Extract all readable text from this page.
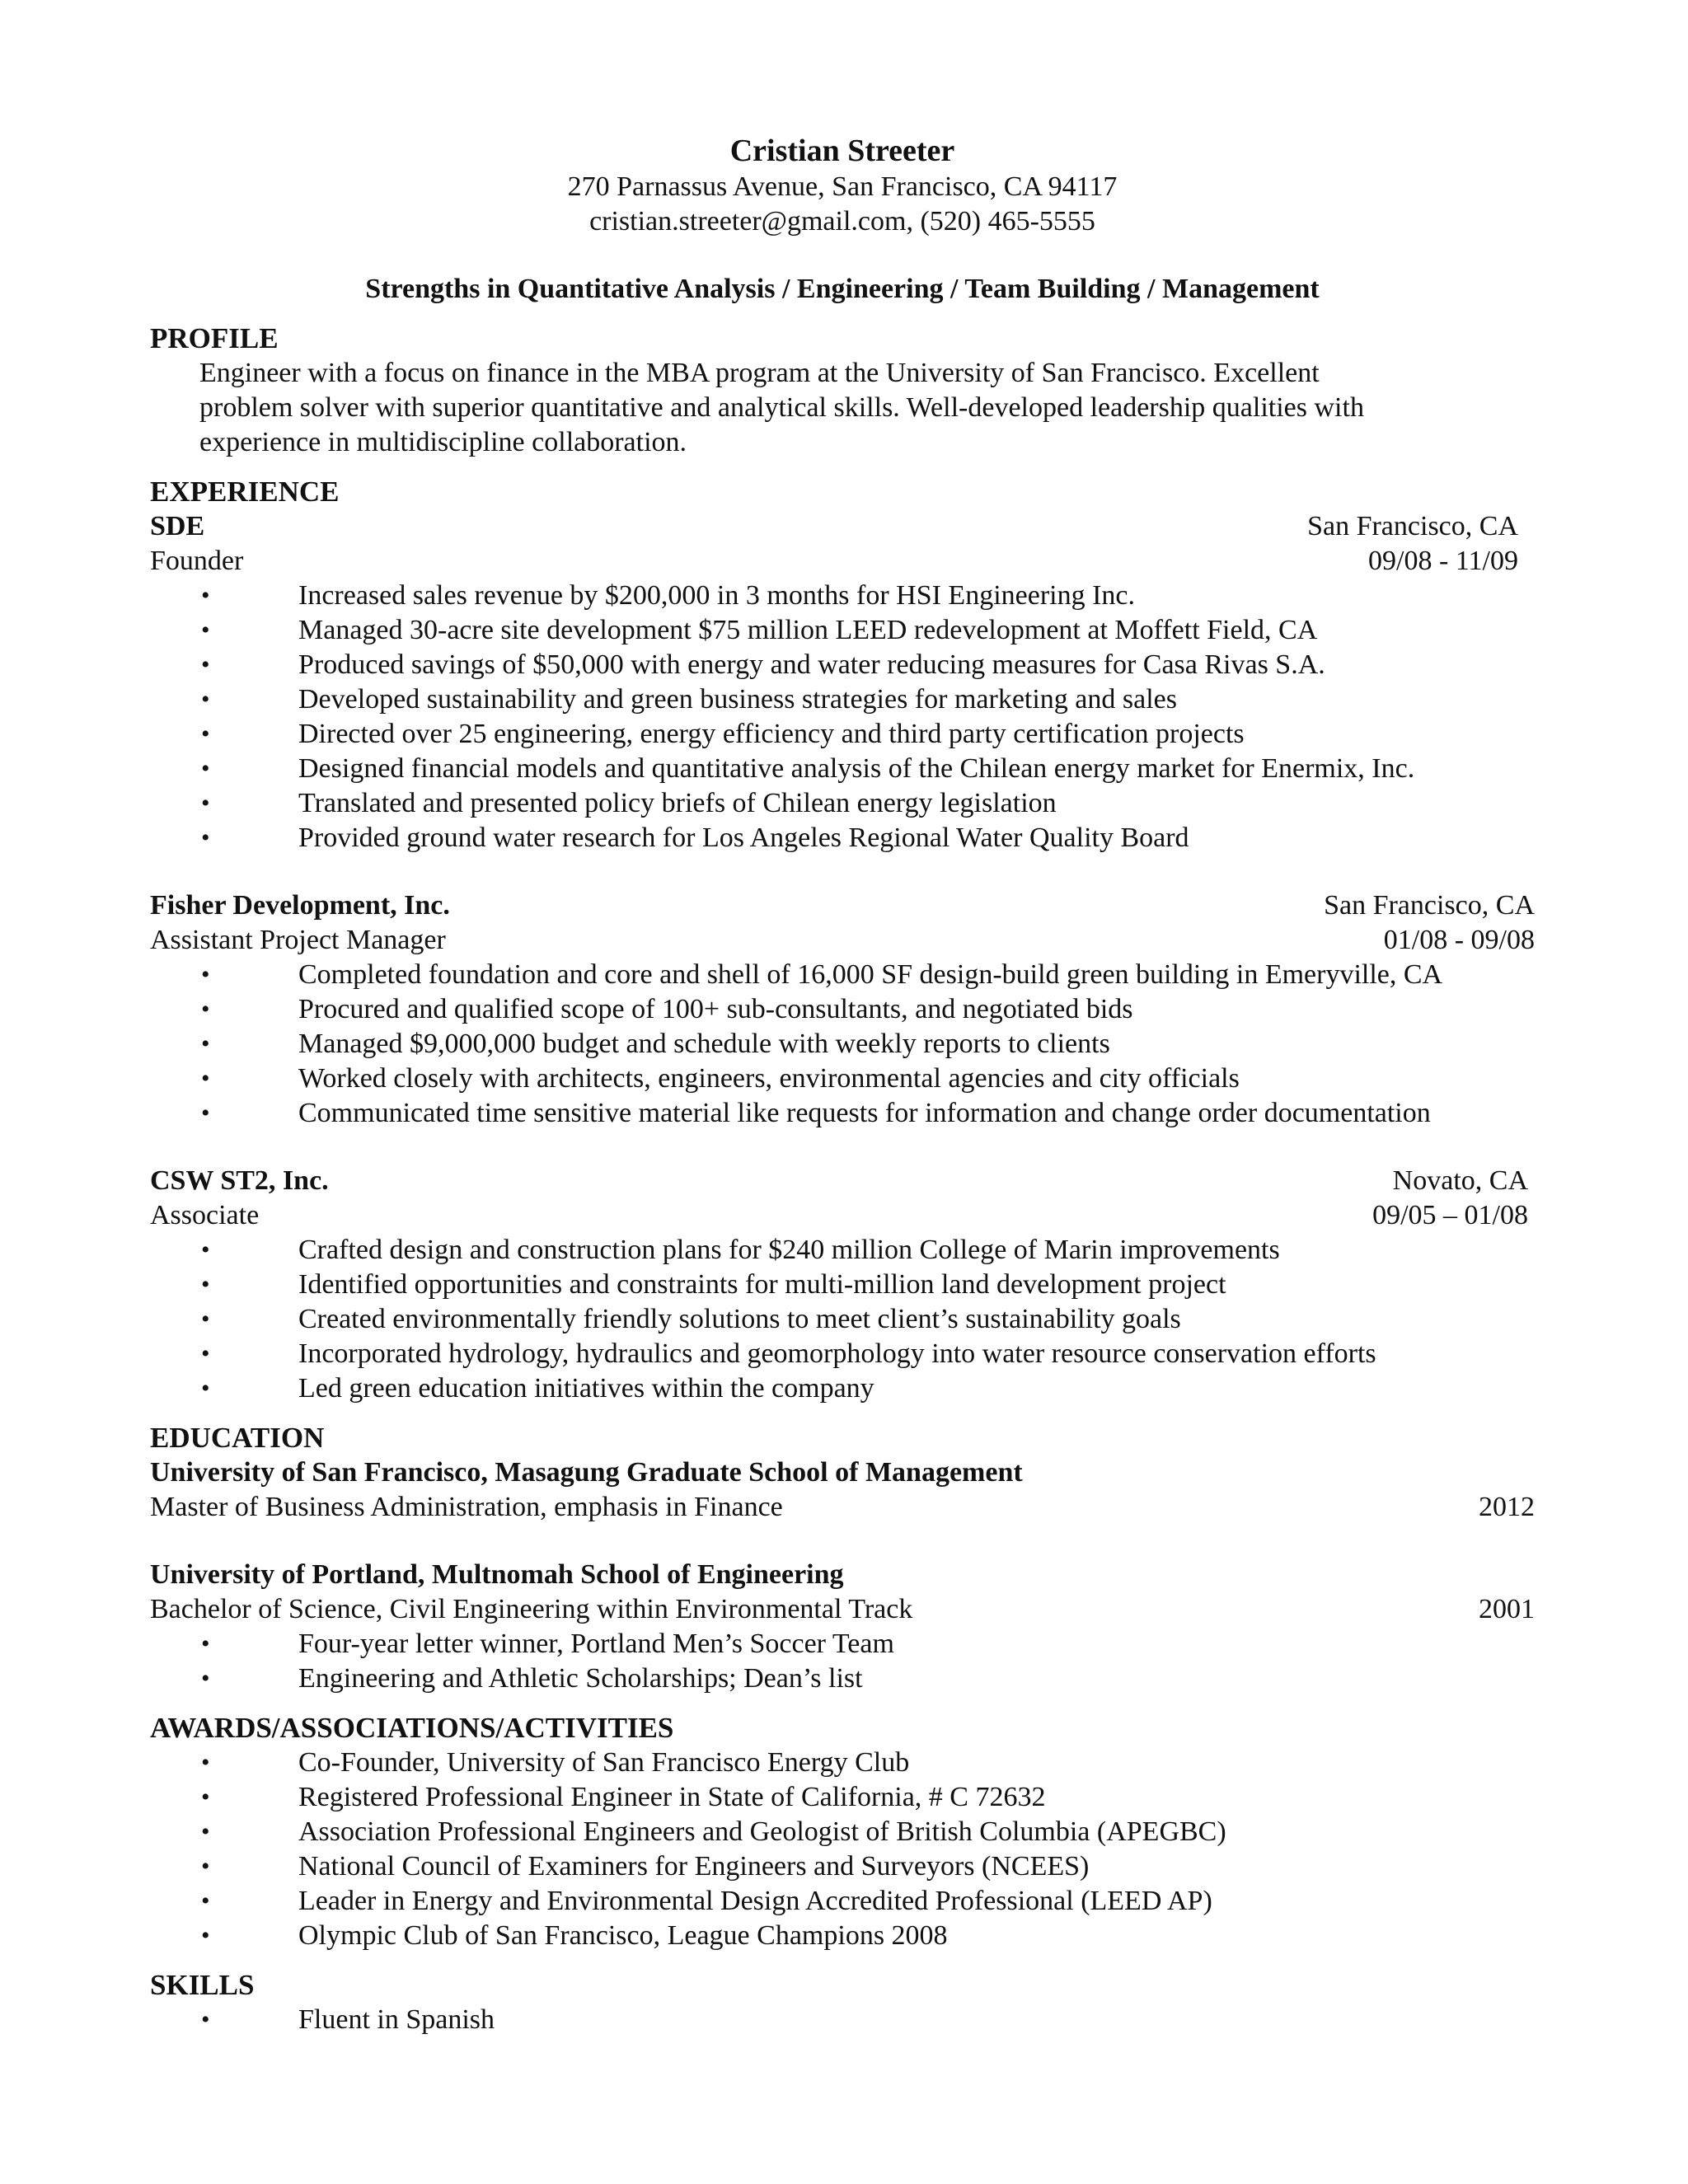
Cristian Streeter
270 Parnassus Avenue, San Francisco, CA 94117
cristian.streeter@gmail.com, (520) 465-5555
Strengths in Quantitative Analysis / Engineering / Team Building / Management
PROFILE
Engineer with a focus on finance in the MBA program at the University of San Francisco. Excellent
problem solver with superior quantitative and analytical skills. Well-developed leadership qualities with
experience in multidiscipline collaboration.
EXPERIENCE
SDE	San Francisco, CA
Founder	09/08 - 11/09
•	Increased sales revenue by $200,000 in 3 months for HSI Engineering Inc.
•	Managed 30-acre site development $75 million LEED redevelopment at Moffett Field, CA
•	Produced savings of $50,000 with energy and water reducing measures for Casa Rivas S.A.
•	Developed sustainability and green business strategies for marketing and sales
•	Directed over 25 engineering, energy efficiency and third party certification projects
•	Designed financial models and quantitative analysis of the Chilean energy market for Enermix, Inc.
•	Translated and presented policy briefs of Chilean energy legislation
•	Provided ground water research for Los Angeles Regional Water Quality Board
Fisher Development, Inc.	San Francisco, CA
Assistant Project Manager	01/08 - 09/08
•	Completed foundation and core and shell of 16,000 SF design-build green building in Emeryville, CA
•	Procured and qualified scope of 100+ sub-consultants, and negotiated bids
•	Managed $9,000,000 budget and schedule with weekly reports to clients
•	Worked closely with architects, engineers, environmental agencies and city officials
•	Communicated time sensitive material like requests for information and change order documentation
CSW ST2, Inc.	Novato, CA
Associate	09/05 – 01/08
•	Crafted design and construction plans for $240 million College of Marin improvements
•	Identified opportunities and constraints for multi-million land development project
•	Created environmentally friendly solutions to meet client’s sustainability goals
•	Incorporated hydrology, hydraulics and geomorphology into water resource conservation efforts
•	Led green education initiatives within the company
EDUCATION
University of San Francisco, Masagung Graduate School of Management
Master of Business Administration, emphasis in Finance	2012
University of Portland, Multnomah School of Engineering
Bachelor of Science, Civil Engineering within Environmental Track	2001
•	Four-year letter winner, Portland Men’s Soccer Team
•	Engineering and Athletic Scholarships; Dean’s list
AWARDS/ASSOCIATIONS/ACTIVITIES
•	Co-Founder, University of San Francisco Energy Club
•	Registered Professional Engineer in State of California, # C 72632
•	Association Professional Engineers and Geologist of British Columbia (APEGBC)
•	National Council of Examiners for Engineers and Surveyors (NCEES)
•	Leader in Energy and Environmental Design Accredited Professional (LEED AP)
•	Olympic Club of San Francisco, League Champions 2008
SKILLS
•	Fluent in Spanish
